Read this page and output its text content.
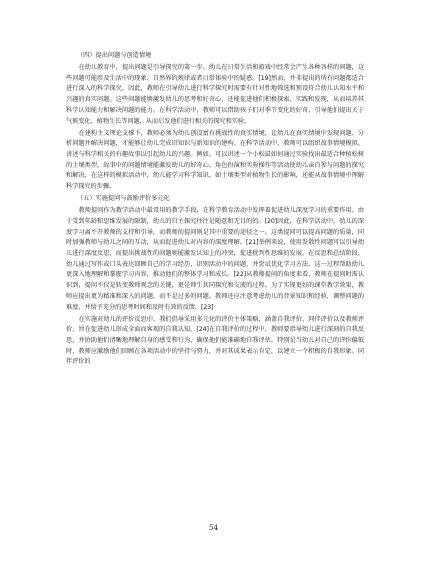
（四）提出问题与创造情境

在幼儿教育中，提出问题是引导探究的第一步。幼儿在日常生活和游戏中经常会产生各种各样的问题，这些问题可能涉及生活中的现象、自然界的规律或者日常体验中的疑惑。[19]然而，并非提出的所有问题都适合进行深入的科学探究。因此，教师在引导幼儿进行科学探究时需要有针对性地筛选和预设符合幼儿认知水平和兴趣的真实问题。这些问题能够激发幼儿的思考和好奇心，还能促进他们积极探索、实践和发现，从而培养其科学认知能力和解决问题的能力。在科学活动中，教师可以借助孩子们对季节变化的好奇，引导他们提出关于气候变化、植物生长等问题，从而启发他们进行相关的探究和实验。

在建构主义理论支撑下，教师必须为幼儿创设富有挑战性的真实情境，让幼儿在真实情境中发现问题、分析问题并解决问题，才能够让幼儿完成旧知识与新知识的建构。在科学活动中，教师可以组织故事情境模拟，讲述与科学相关的有趣故事以引起幼儿的兴趣。例如，可以讲述一个小松鼠如何通过实验找出最适合种植松树的土壤类型，故事中的问题情境能激发幼儿的好奇心，角色扮演和实验操作等活动使幼儿亲自参与问题的探究和解决，在这样的模拟活动中，幼儿能学习科学知识，如土壤类型对植物生长的影响，还能从故事情境中理解科学探究的步骤。

（五）实施提问与鼓励评价多元化

教师提问作为教学活动中最常用的教学手段，在科学教育活动中发挥着促进幼儿深度学习的重要作用。由于受到年龄和思维发展的限制，幼儿的自主探究往往是随意和无目的的。[20]因此，在科学活动中，幼儿的深度学习离不开教师的支持和引导，而教师的提问则是其中重要的途径之一。这类提问可以提高问题的质量，同时加强教师与幼儿之间的互动，从而促进幼儿对内容的深度理解。[21]举例来说，使用发散性问题可以引导幼儿进行深度反思，而提出挑战性的问题则能激发认知上的冲突，促进批判性思维的发展。在反思和总结阶段，幼儿通过写作或口头表达回顾自己的学习经历，识别活动中的问题，并尝试优化学习方法，这一过程帮助幼儿更深入地理解和掌握学习内容，推动他们的整体学习和成长。[22]从教师提问的角度来看，教师在提问时需认识到，提问不仅是转变教师观念的关键，更是师生共同探究和交流的过程。为了实现更好的课堂教学效果，教师应提出更为精准和深入的问题，而不是过多的问题。教师还应注意考虑幼儿的背景知识和经验，调整问题的难度，并给予充分的思考时间和及时有效的反馈。[23]

在实施对幼儿的评价反思中，我们倡导采用多元化的评价主体策略，涵盖自我评价、同伴评价以及教师评价，旨在促进幼儿形成全面而客观的自我认知。[24]在自我评价的过程中，教师要指导幼儿进行深刻的自我反思，并协助他们清晰地理解自身的感受和行为，确保他们能准确地自我评估。特别是当幼儿对自己的评价偏低时，教师应激励他们回顾在各项活动中的坚持与努力，并对其成果表示肯定，以建立一个积极的自我形象。同伴评价的

54
